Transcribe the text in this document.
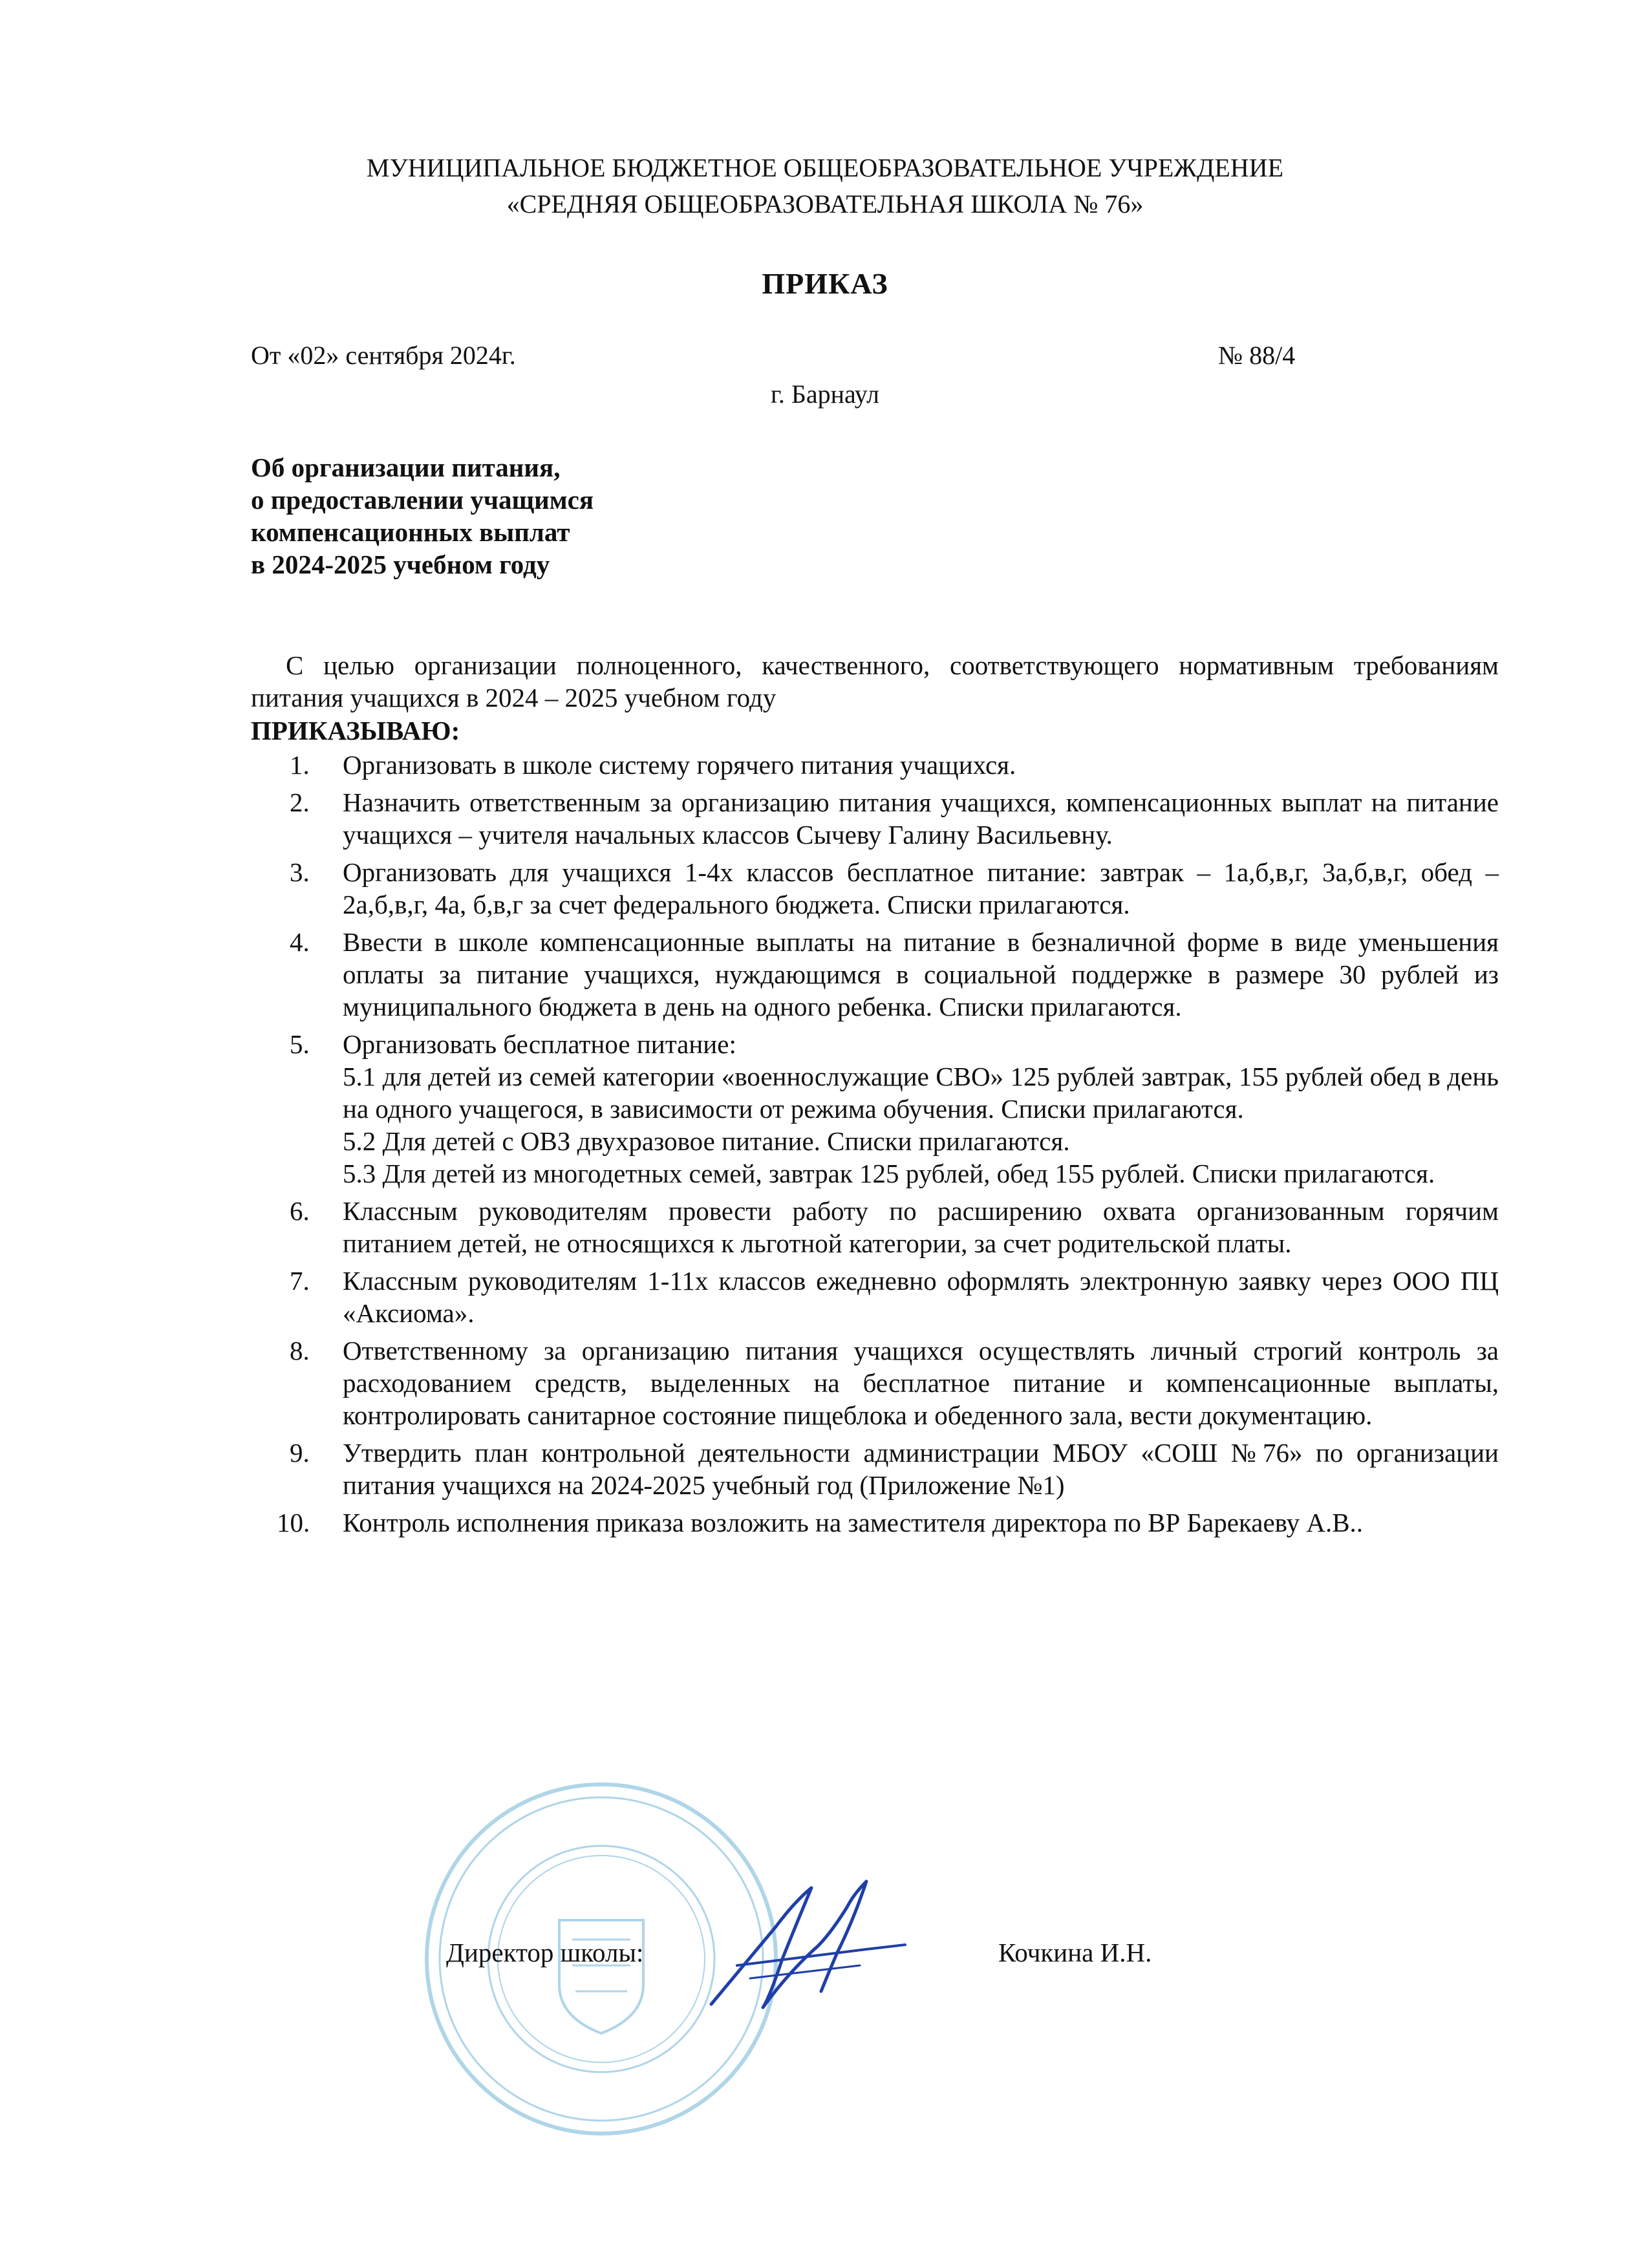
МУНИЦИПАЛЬНОЕ БЮДЖЕТНОЕ ОБЩЕОБРАЗОВАТЕЛЬНОЕ УЧРЕЖДЕНИЕ
«СРЕДНЯЯ ОБЩЕОБРАЗОВАТЕЛЬНАЯ ШКОЛА № 76»
ПРИКАЗ
От «02» сентября 2024г.	№ 88/4
г. Барнаул
Об организации питания,
о предоставлении учащимся
компенсационных выплат
в 2024-2025 учебном году
С целью организации полноценного, качественного, соответствующего нормативным требованиям питания учащихся в 2024 – 2025 учебном году
ПРИКАЗЫВАЮ:
1.	Организовать в школе систему горячего питания учащихся.
2.	Назначить ответственным за организацию питания учащихся, компенсационных выплат на питание учащихся – учителя начальных классов Сычеву Галину Васильевну.
3.	Организовать для учащихся 1-4х классов бесплатное питание: завтрак – 1а,б,в,г, 3а,б,в,г, обед – 2а,б,в,г, 4а, б,в,г за счет федерального бюджета. Списки прилагаются.
4.	Ввести в школе компенсационные выплаты на питание в безналичной форме в виде уменьшения оплаты за питание учащихся, нуждающимся в социальной поддержке в размере 30 рублей из муниципального бюджета в день на одного ребенка. Списки прилагаются.
5.	Организовать бесплатное питание:
5.1 для детей из семей категории «военнослужащие СВО» 125 рублей завтрак, 155 рублей обед в день на одного учащегося, в зависимости от режима обучения. Списки прилагаются.
5.2 Для детей с ОВЗ двухразовое питание. Списки прилагаются.
5.3 Для детей из многодетных семей, завтрак 125 рублей, обед 155 рублей. Списки прилагаются.
6.	Классным руководителям провести работу по расширению охвата организованным горячим питанием детей, не относящихся к льготной категории, за счет родительской платы.
7.	Классным руководителям 1-11х классов ежедневно оформлять электронную заявку через ООО ПЦ «Аксиома».
8.	Ответственному за организацию питания учащихся осуществлять личный строгий контроль за расходованием средств, выделенных на бесплатное питание и компенсационные выплаты, контролировать санитарное состояние пищеблока и обеденного зала, вести документацию.
9.	Утвердить план контрольной деятельности администрации МБОУ «СОШ №76» по организации питания учащихся на 2024-2025 учебный год (Приложение №1)
10.	Контроль исполнения приказа возложить на заместителя директора по ВР Барекаеву А.В..
Директор школы:	Кочкина И.Н.
